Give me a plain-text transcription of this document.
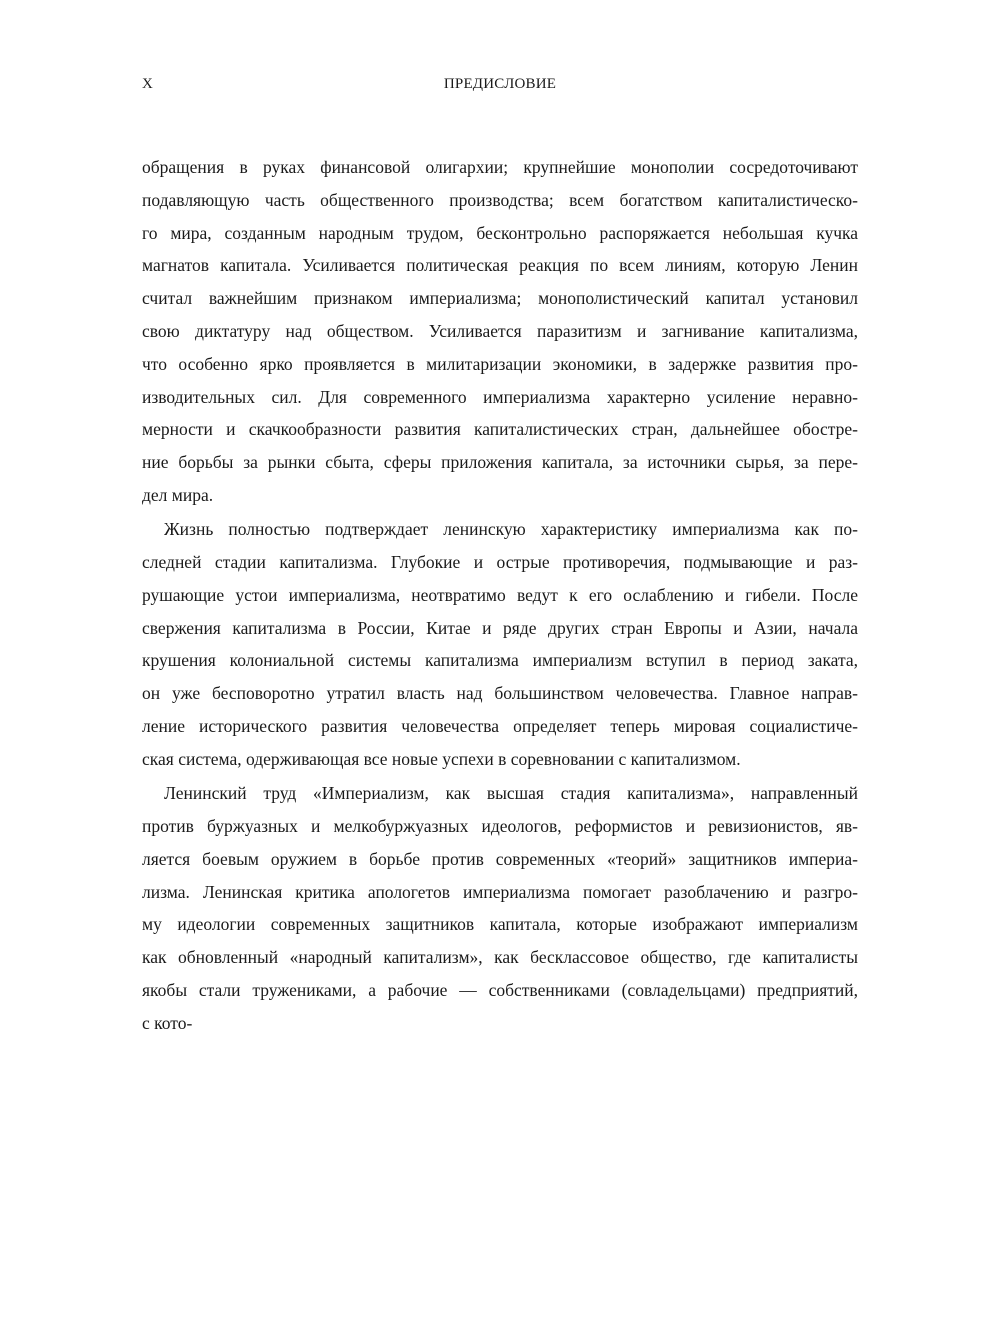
X	ПРЕДИСЛОВИЕ

обращения в руках финансовой олигархии; крупнейшие монополии сосредоточивают
подавляющую часть общественного производства; всем богатством капиталистическо-
го мира, созданным народным трудом, бесконтрольно распоряжается небольшая кучка
магнатов капитала. Усиливается политическая реакция по всем линиям, которую Ленин
считал важнейшим признаком империализма; монополистический капитал установил
свою диктатуру над обществом. Усиливается паразитизм и загнивание капитализма,
что особенно ярко проявляется в милитаризации экономики, в задержке развития про-
изводительных сил. Для современного империализма характерно усиление неравно-
мерности и скачкообразности развития капиталистических стран, дальнейшее обостре-
ние борьбы за рынки сбыта, сферы приложения капитала, за источники сырья, за пере-
дел мира.

Жизнь полностью подтверждает ленинскую характеристику империализма как по-
следней стадии капитализма. Глубокие и острые противоречия, подмывающие и раз-
рушающие устои империализма, неотвратимо ведут к его ослаблению и гибели. После
свержения капитализма в России, Китае и ряде других стран Европы и Азии, начала
крушения колониальной системы капитализма империализм вступил в период заката,
он уже бесповоротно утратил власть над большинством человечества. Главное направ-
ление исторического развития человечества определяет теперь мировая социалистиче-
ская система, одерживающая все новые успехи в соревновании с капитализмом.

Ленинский труд «Империализм, как высшая стадия капитализма», направленный
против буржуазных и мелкобуржуазных идеологов, реформистов и ревизионистов, яв-
ляется боевым оружием в борьбе против современных «теорий» защитников империа-
лизма. Ленинская критика апологетов империализма помогает разоблачению и разгро-
му идеологии современных защитников капитала, которые изображают империализм
как обновленный «народный капитализм», как бесклассовое общество, где капиталисты
якобы стали тружениками, а рабочие — собственниками (совладельцами) предприятий,
с кото-
